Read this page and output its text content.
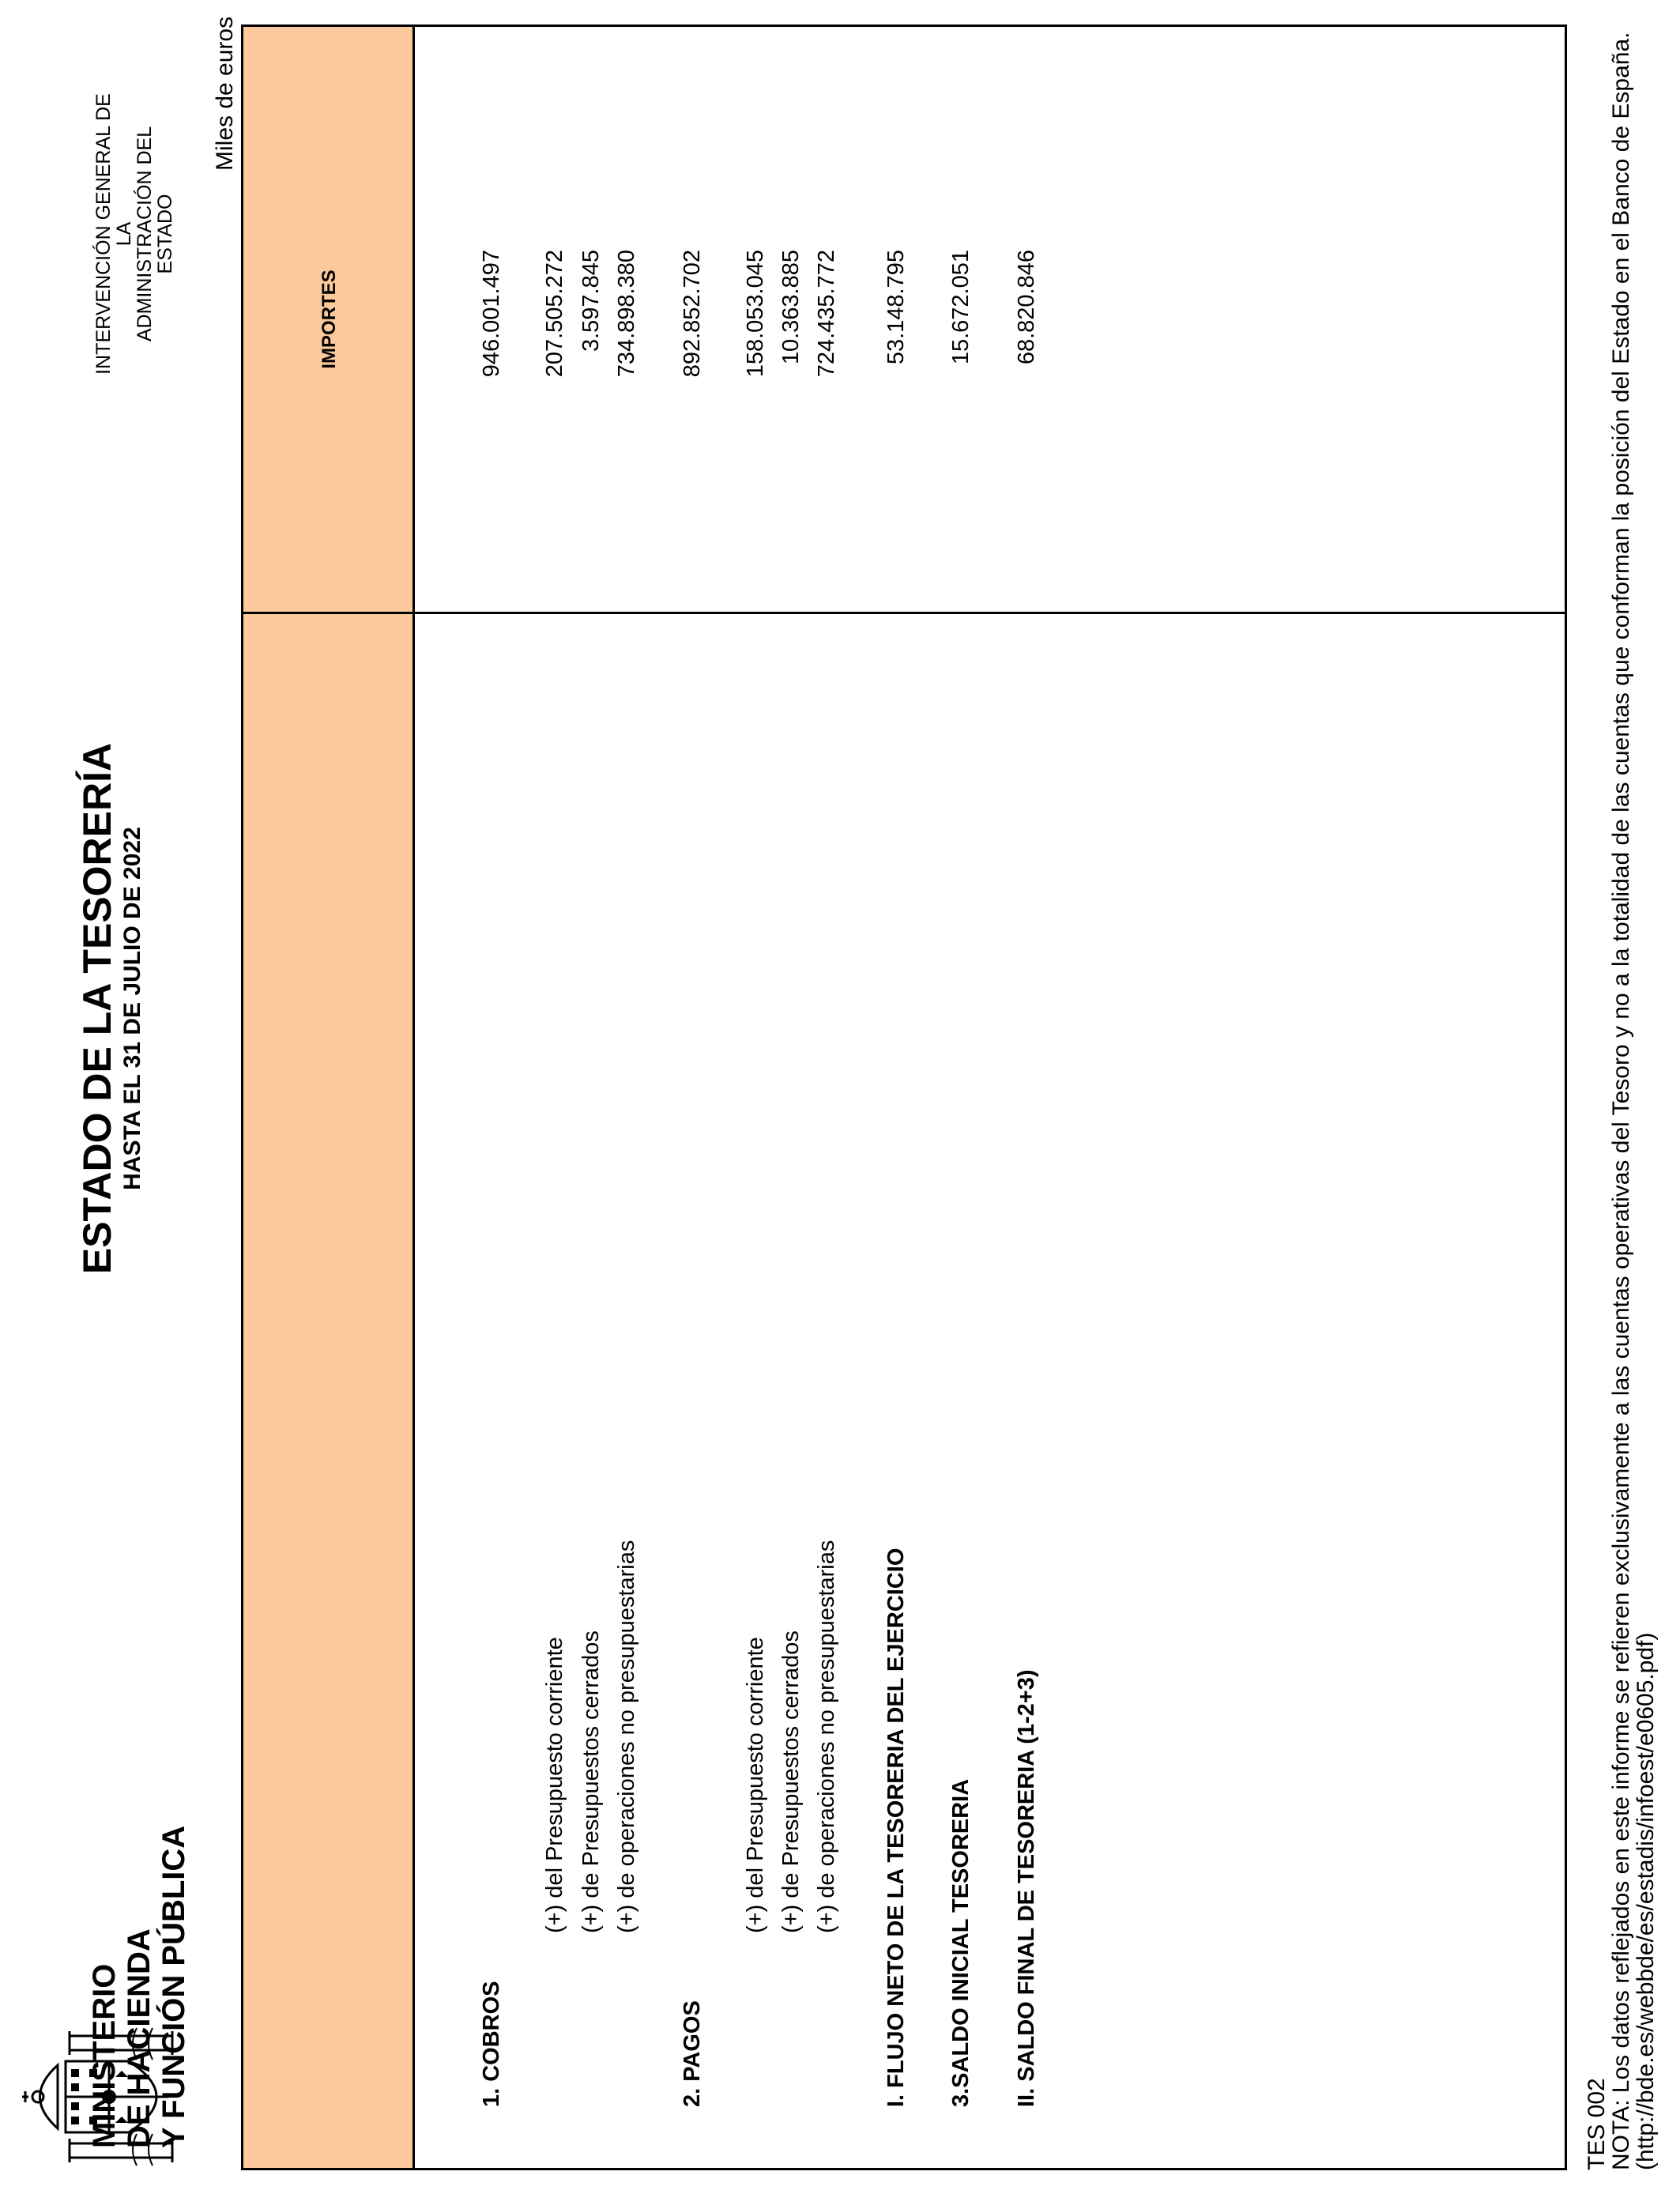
MINISTERIO DE HACIENDA Y FUNCIÓN PÚBLICA
ESTADO DE LA TESORERÍA HASTA EL 31 DE JULIO DE 2022
INTERVENCIÓN GENERAL DE LA
ADMINISTRACIÓN DEL ESTADO
Miles de euros
IMPORTES
1. COBROS
946.001.497
(+) del Presupuesto corriente
207.505.272
(+) de Presupuestos cerrados
3.597.845
(+) de operaciones no presupuestarias
734.898.380
2. PAGOS
892.852.702
(+) del Presupuesto corriente
158.053.045
(+) de Presupuestos cerrados
10.363.885
(+) de operaciones no presupuestarias
724.435.772
I. FLUJO NETO DE LA TESORERIA DEL EJERCICIO
53.148.795
3.SALDO INICIAL TESORERIA
15.672.051
II. SALDO FINAL DE TESORERIA (1-2+3)
68.820.846
TES 002
NOTA: Los datos reflejados en este informe se refieren exclusivamente a las cuentas operativas del Tesoro y no a la totalidad de las cuentas que conforman la posición del Estado en el Banco de España.
(http://bde.es/webbde/es/estadis/infoest/e0605.pdf)
